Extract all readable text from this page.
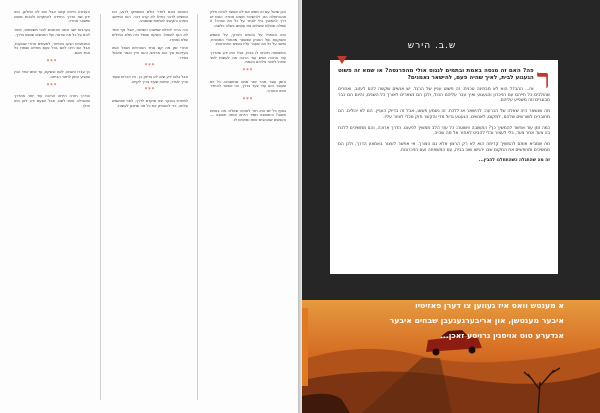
העבודה הייתה קשה אבל הוא לא התלונן. הוא ידע שזו הדרך היחידה להתקדם ולבנות משהו שישאר אחריו.

בערבים ישב וכתב מכתבים לבני משפחתו, סיפר להם על כל מה שראה ועל האנשים שפגש בדרך.

המכתבים הגיעו באיחור, לפעמים אחרי שבועות, אבל הם חיכו להם בכל פעם מחדש ושמרו כל אחד מהם.

***

כך עברו השנים, לאט ובשקט, עד שיום אחד הבין שהגיע הזמן לחזור הביתה.

***

והדרך חזרה הייתה ארוכה עוד יותר מהדרך שהובילה אותו לשם, אבל הפעם ידע לאן הוא הולך.

כשהוא נכנס לחדר כולם השתתקו לרגע, ואז המשיכו לדבר כאילו לא קרה דבר. הוא התיישב בפינה והקשיב לשיחות שמסביב.

היה ברור לכולם שמשהו השתנה, אבל אף אחד לא העז לשאול. השקט שנפל היה מלא במילים שלא נאמרו.

אחרי זמן מה קם אחד האורחים ושאל אותו בעדינות איך הוא מרגיש, והוא חייך ואמר שהכול בסדר.

***

אבל בלבו ידע שזה לא בדיוק כך. היו דברים שעוד צריך לסדר, שיחות שעוד צריך לקיים.

***

למחרת בבוקר יצא מוקדם לדרך, לפני שהשמש עלתה, כדי להספיק את כל מה שתכנן לעשות.

הבן שואל עם זה ממש אם לא אפשר להיות חלק מההתחלה הזו, ולהשאיר משהו אחריו. האם יש דרך להמשיך בלי לוותר על כל מה שהיה? זו שאלה שכולם שואלים את עצמם בשלב כלשהו.

הוא הסתכל על הכביש הארוך, על השמש השוקעת ועל האבק שנשאר מאחורי המכונית, וחשב על כל מה שעבר עליו בשנים האחרונות.

המשפחה חיכתה לו בבית, אבל הוא ידע שהדרך עוד ארוכה ושיש עוד הרבה מה לעשות לפני שיוכל לחזור אליהם באמת.

***

הזמן עובר מהר יותר ממה שחושבים. כל יום שעובר הוא עוד צעד בדרך, ואי אפשר להחזיר אותו אחורה.

***

בסוף כל יום הוא חזר לאותה שאלה: מה באמת חשוב? והתשובה תמיד הייתה אותה תשובה — האנשים שאוהבים אותו ומחכים לו.

ש.ב. הירש
ר

פה? האם זה מנסה באמת ובתמים לנגוס אולי מהפרנסה? או שמא זה פשוט הגעגוע לבית, לאיך שהיה פעם, להישאר נאמנים?

אז... ההבדל הוא לא מבחינה טכנית. זה פשוט עניין של הרגל. יש אנשים שקשה להם לעזוב, ואחרים שהולכים כל חייהם עם הזיכרון והגעגוע ואיך עבר עליהם הכול, ולכן הם נשארים לאורך כל השנים, והיום הם כבר מבוגרים וזה משפיע עליהם.

מה שנשאר היה שאלה של הכרעה: להישאר או ללכת. זה נשמע פשוט, אבל זה בדיוק העניין. הם לא יכולים. הם מחוברים לשורשים שלהם, למקום, לאנשים. הגעגוע גדול מדי והקשר חזק מכדי לוותר עליו.

כמה זמן עוד אפשר להמשיך כך? התשובה פשוטה: כל עוד הלב ממשיך לפעום. הדרך ארוכה, והם ממשיכים ללכת בה צעד אחר צעד, בלי לעצור ובלי להביט לאחור אל מה שהיה.

מה שמביא אותם להמשיך קדימה הוא לא רק הרצון אלא גם הצורך. אי אפשר לעצור באמצע הדרך, ולכן הם ממשיכים ומחפשים את המקום שבו ירגישו שוב בבית, עם המשפחה ועם הזיכרונות.

זה מה שהתגלה כשהתחלנו להבין...

א מענטש וואס איז געווען צו דערן פאזיטיו
איבער מענטשן, און אריבערגעגעבן שבחים איבער
אנדערע טוט אויסגין גרויסע זאכן...
